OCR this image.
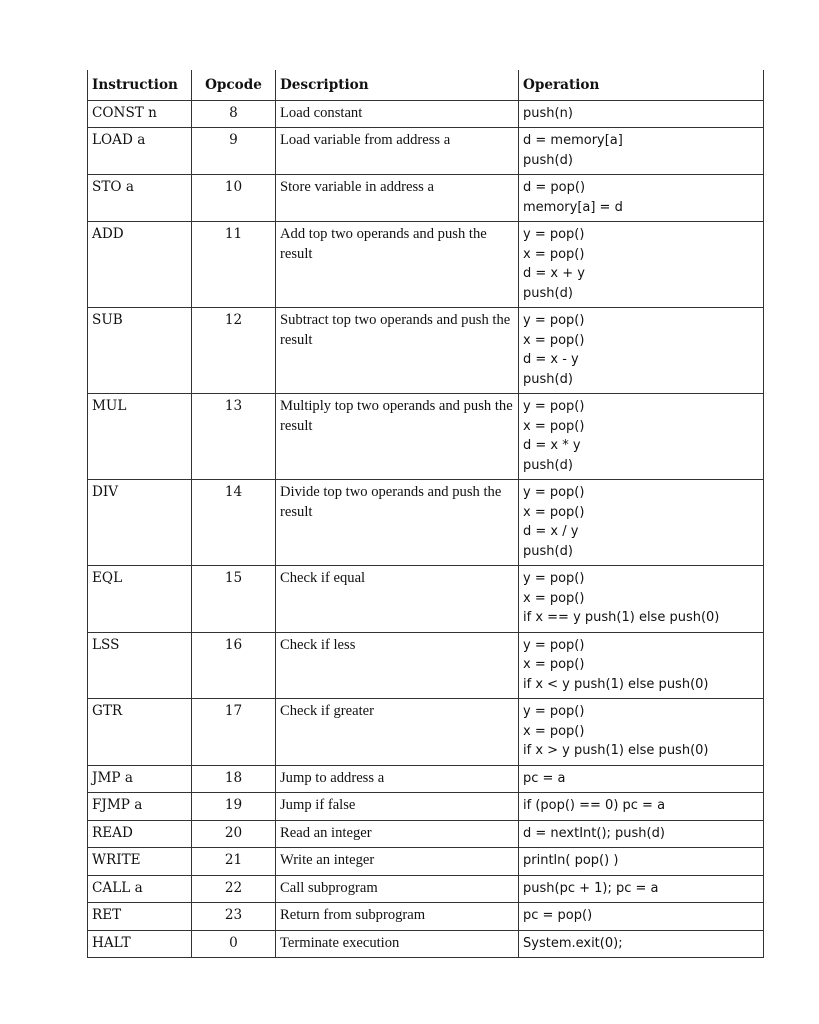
Instruction	Opcode	Description	Operation
CONST n	8	Load constant	push(n)

LOAD a	9	Load variable from address a	d = memory[a]
push(d)

STO a	10	Store variable in address a	d = pop()
memory[a] = d

ADD	11	Add top two operands and push the result	y = pop()
x = pop()
d = x + y
push(d)

SUB	12	Subtract top two operands and push the result	y = pop()
x = pop()
d = x - y
push(d)

MUL	13	Multiply top two operands and push the result	y = pop()
x = pop()
d = x * y
push(d)

DIV	14	Divide top two operands and push the result	y = pop()
x = pop()
d = x / y
push(d)

EQL	15	Check if equal	y = pop()
x = pop()
if x == y push(1) else push(0)

LSS	16	Check if less	y = pop()
x = pop()
if x < y push(1) else push(0)

GTR	17	Check if greater	y = pop()
x = pop()
if x > y push(1) else push(0)

JMP a	18	Jump to address a	pc = a

FJMP a	19	Jump if false	if (pop() == 0) pc = a

READ	20	Read an integer	d = nextInt(); push(d)

WRITE	21	Write an integer	println( pop() )

CALL a	22	Call subprogram	push(pc + 1); pc = a

RET	23	Return from subprogram	pc = pop()

HALT	0	Terminate execution	System.exit(0);
